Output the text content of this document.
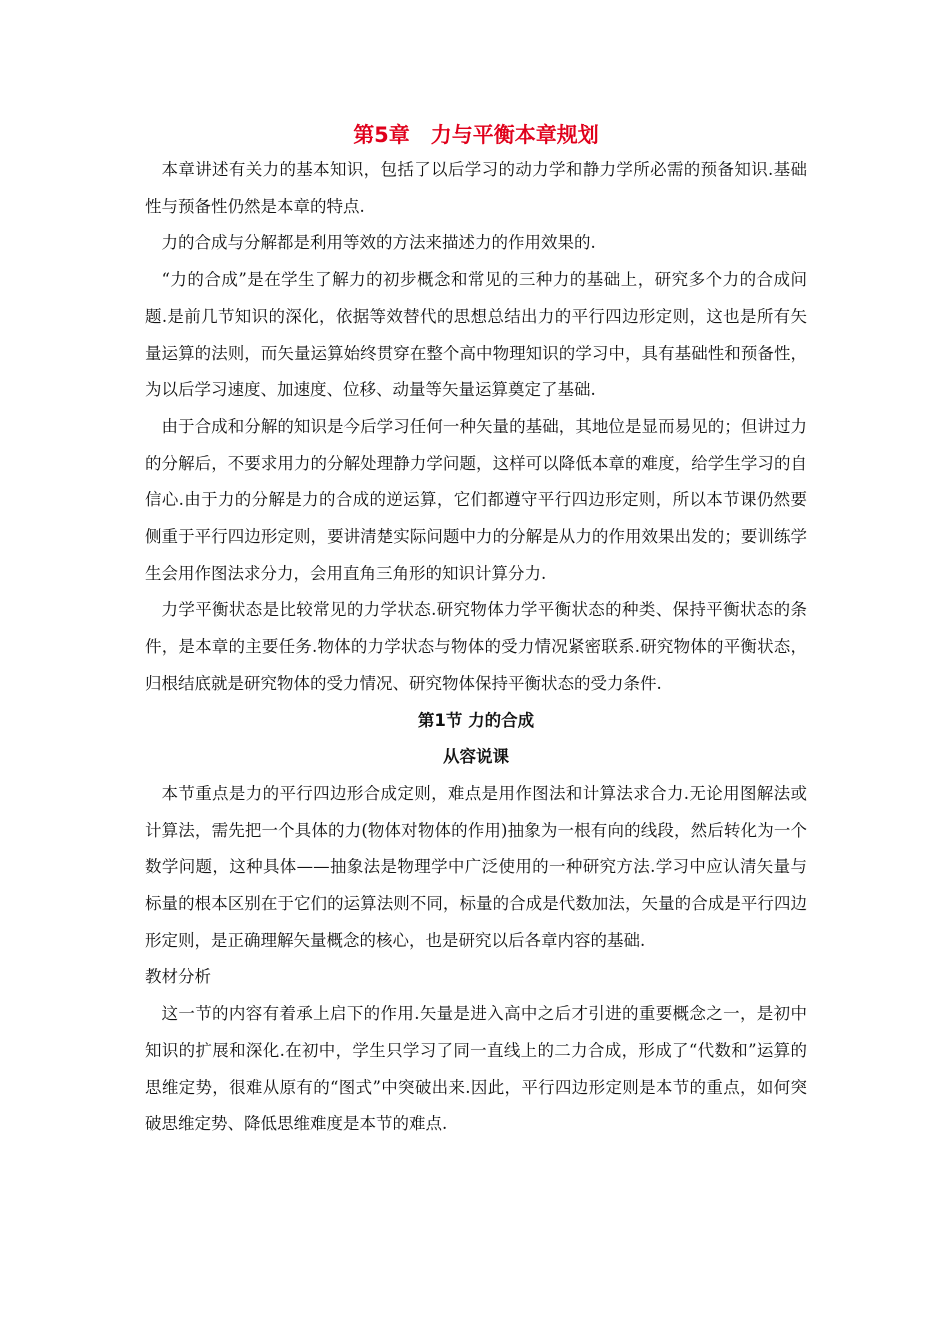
第5章　力与平衡本章规划

本章讲述有关力的基本知识，包括了以后学习的动力学和静力学所必需的预备知识.基础性与预备性仍然是本章的特点.

力的合成与分解都是利用等效的方法来描述力的作用效果的.

“力的合成”是在学生了解力的初步概念和常见的三种力的基础上，研究多个力的合成问题.是前几节知识的深化，依据等效替代的思想总结出力的平行四边形定则，这也是所有矢量运算的法则，而矢量运算始终贯穿在整个高中物理知识的学习中，具有基础性和预备性，为以后学习速度、加速度、位移、动量等矢量运算奠定了基础.

由于合成和分解的知识是今后学习任何一种矢量的基础，其地位是显而易见的；但讲过力的分解后，不要求用力的分解处理静力学问题，这样可以降低本章的难度，给学生学习的自信心.由于力的分解是力的合成的逆运算，它们都遵守平行四边形定则，所以本节课仍然要侧重于平行四边形定则，要讲清楚实际问题中力的分解是从力的作用效果出发的；要训练学生会用作图法求分力，会用直角三角形的知识计算分力.

力学平衡状态是比较常见的力学状态.研究物体力学平衡状态的种类、保持平衡状态的条件，是本章的主要任务.物体的力学状态与物体的受力情况紧密联系.研究物体的平衡状态，归根结底就是研究物体的受力情况、研究物体保持平衡状态的受力条件.

第1节 力的合成
从容说课

本节重点是力的平行四边形合成定则，难点是用作图法和计算法求合力.无论用图解法或计算法，需先把一个具体的力(物体对物体的作用)抽象为一根有向的线段，然后转化为一个数学问题，这种具体——抽象法是物理学中广泛使用的一种研究方法.学习中应认清矢量与标量的根本区别在于它们的运算法则不同，标量的合成是代数加法，矢量的合成是平行四边形定则，是正确理解矢量概念的核心，也是研究以后各章内容的基础.

教材分析

这一节的内容有着承上启下的作用.矢量是进入高中之后才引进的重要概念之一，是初中知识的扩展和深化.在初中，学生只学习了同一直线上的二力合成，形成了“代数和”运算的思维定势，很难从原有的“图式”中突破出来.因此，平行四边形定则是本节的重点，如何突破思维定势、降低思维难度是本节的难点.
